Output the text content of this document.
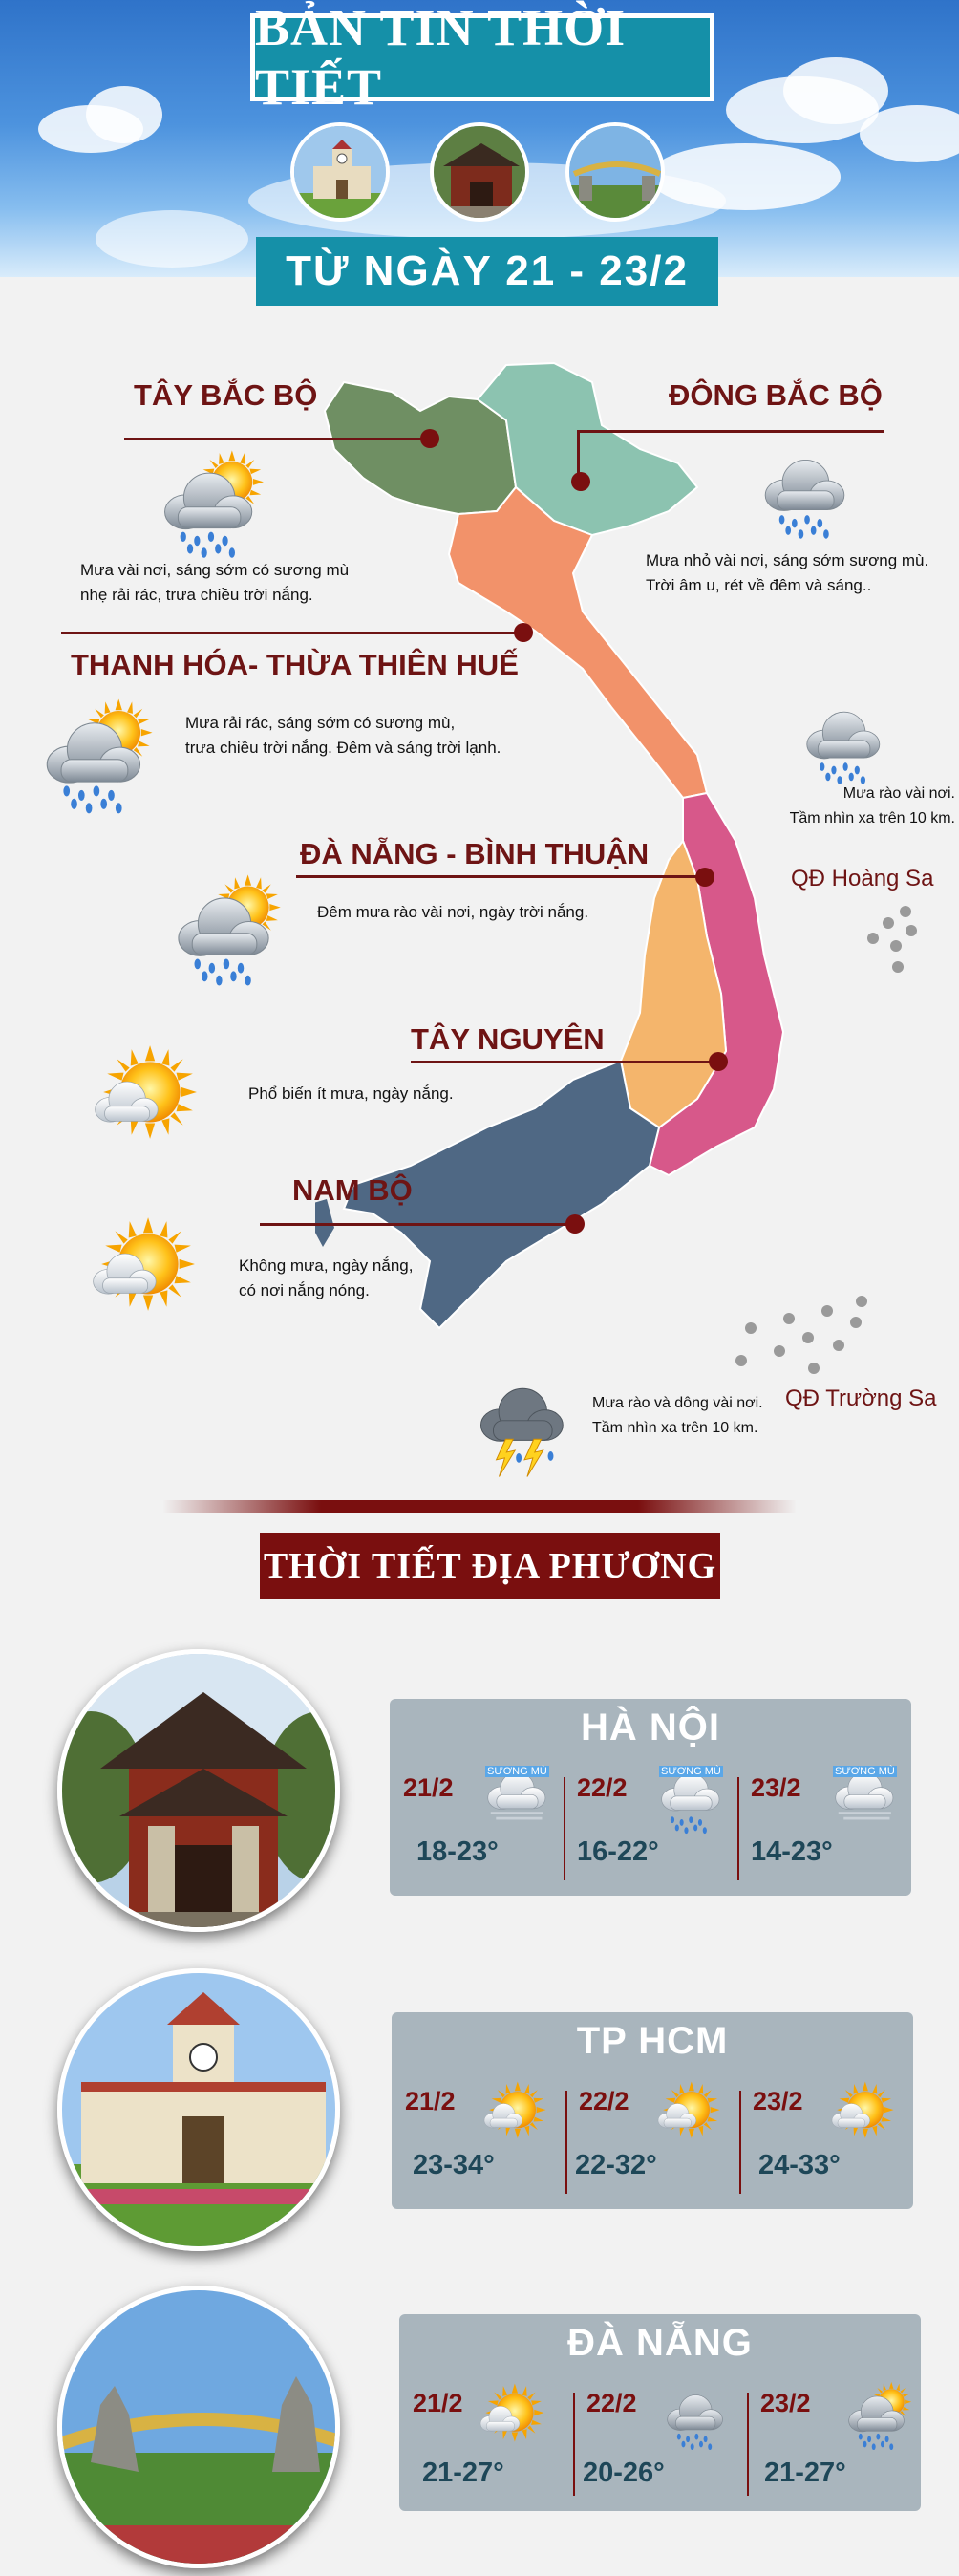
BẢN TIN THỜI TIẾT
TỪ NGÀY 21 - 23/2
TÂY BẮC BỘ	ĐÔNG BẮC BỘ
THANH HÓA- THỪA THIÊN HUẾ
ĐÀ NẴNG - BÌNH THUẬN
TÂY NGUYÊN
NAM BỘ
Mưa vài nơi, sáng sớm có sương mù
nhẹ rải rác, trưa chiều trời nắng.
Mưa nhỏ vài nơi, sáng sớm sương mù.
Trời âm u, rét về đêm và sáng..
Mưa rải rác, sáng sớm có sương mù,
trưa chiều trời nắng. Đêm và sáng trời lạnh.
Đêm mưa rào vài nơi, ngày trời nắng.
Phổ biến ít mưa, ngày nắng.
Không mưa, ngày nắng,
có nơi nắng nóng.
Mưa rào vài nơi.
Tầm nhìn xa trên 10 km.
QĐ Hoàng Sa
QĐ Trường Sa
Mưa rào và dông vài nơi.
Tầm nhìn xa trên 10 km.
THỜI TIẾT ĐỊA PHƯƠNG
HÀ NỘI
21/2
SƯƠNG MÙ
18-23°
22/2
SƯƠNG MÙ
16-22°
23/2
SƯƠNG MÙ
14-23°
TP HCM
21/2
23-34°
22/2
22-32°
23/2
24-33°
ĐÀ NẴNG
21/2
21-27°
22/2
20-26°
23/2
21-27°
